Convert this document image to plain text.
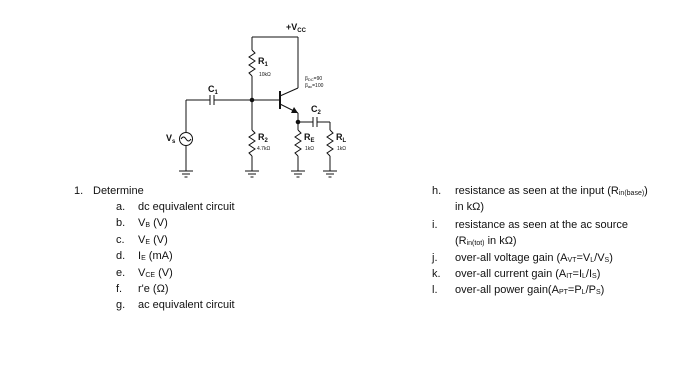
$+V_{CC}$
$R_1$
10kΩ
$\beta_{DC}=90$
$\beta_{ac}=100$
$C_1$
$C_2$
$V_s$	$R_2$
4.7kΩ
$R_E$
1kΩ
$R_L$
1kΩ
1. Determine
a. dc equivalent circuit
b. $V_B$ (V)
c. $V_E$ (V)
d. $I_E$ (mA)
e. $V_{CE}$ (V)
f. r'e (Ω)
g. ac equivalent circuit
h. resistance as seen at the input $(R_{in(base)})$
in kΩ)
i. resistance as seen at the ac source
($R_{in(tot)}$ in kΩ)
j. over-all voltage gain $(A_{VT}=V_L/V_S)$
k. over-all current gain $(A_{IT}=I_L/I_S)$
l. over-all power $gain(A_{PT}=P_L/P_S)$
